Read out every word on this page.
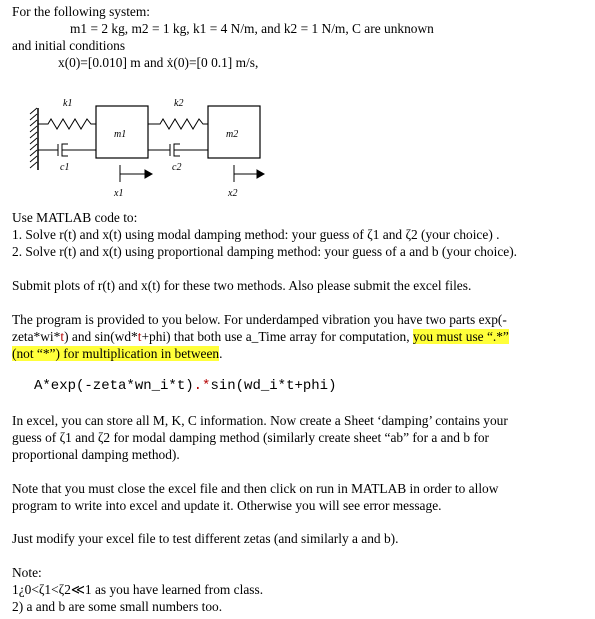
For the following system:
m1 = 2 kg, m2 = 1 kg, k1 = 4 N/m, and k2 = 1 N/m, C are unknown
and initial conditions
x(0)=[0.010] m and ẋ(0)=[0 0.1] m/s,
k1	k2
m1	m2
c1	c2
x1	x2
Use MATLAB code to:
1. Solve r(t) and x(t) using modal damping method: your guess of ζ1 and ζ2 (your choice) .
2. Solve r(t) and x(t) using proportional damping method: your guess of a and b (your choice).
Submit plots of r(t) and x(t) for these two methods. Also please submit the excel files.
The program is provided to you below. For underdamped vibration you have two parts exp(-
zeta*wi*t) and sin(wd*t+phi) that both use a_Time array for computation, you must use “.*”
(not “*”) for multiplication in between.
A*exp(-zeta*wn_i*t).*sin(wd_i*t+phi)
In excel, you can store all M, K, C information. Now create a Sheet ‘damping’ contains your
guess of ζ1 and ζ2 for modal damping method (similarly create sheet “ab” for a and b for
proportional damping method).
Note that you must close the excel file and then click on run in MATLAB in order to allow
program to write into excel and update it. Otherwise you will see error message.
Just modify your excel file to test different zetas (and similarly a and b).
Note:
1¿0<ζ1<ζ2≪1 as you have learned from class.
2) a and b are some small numbers too.
